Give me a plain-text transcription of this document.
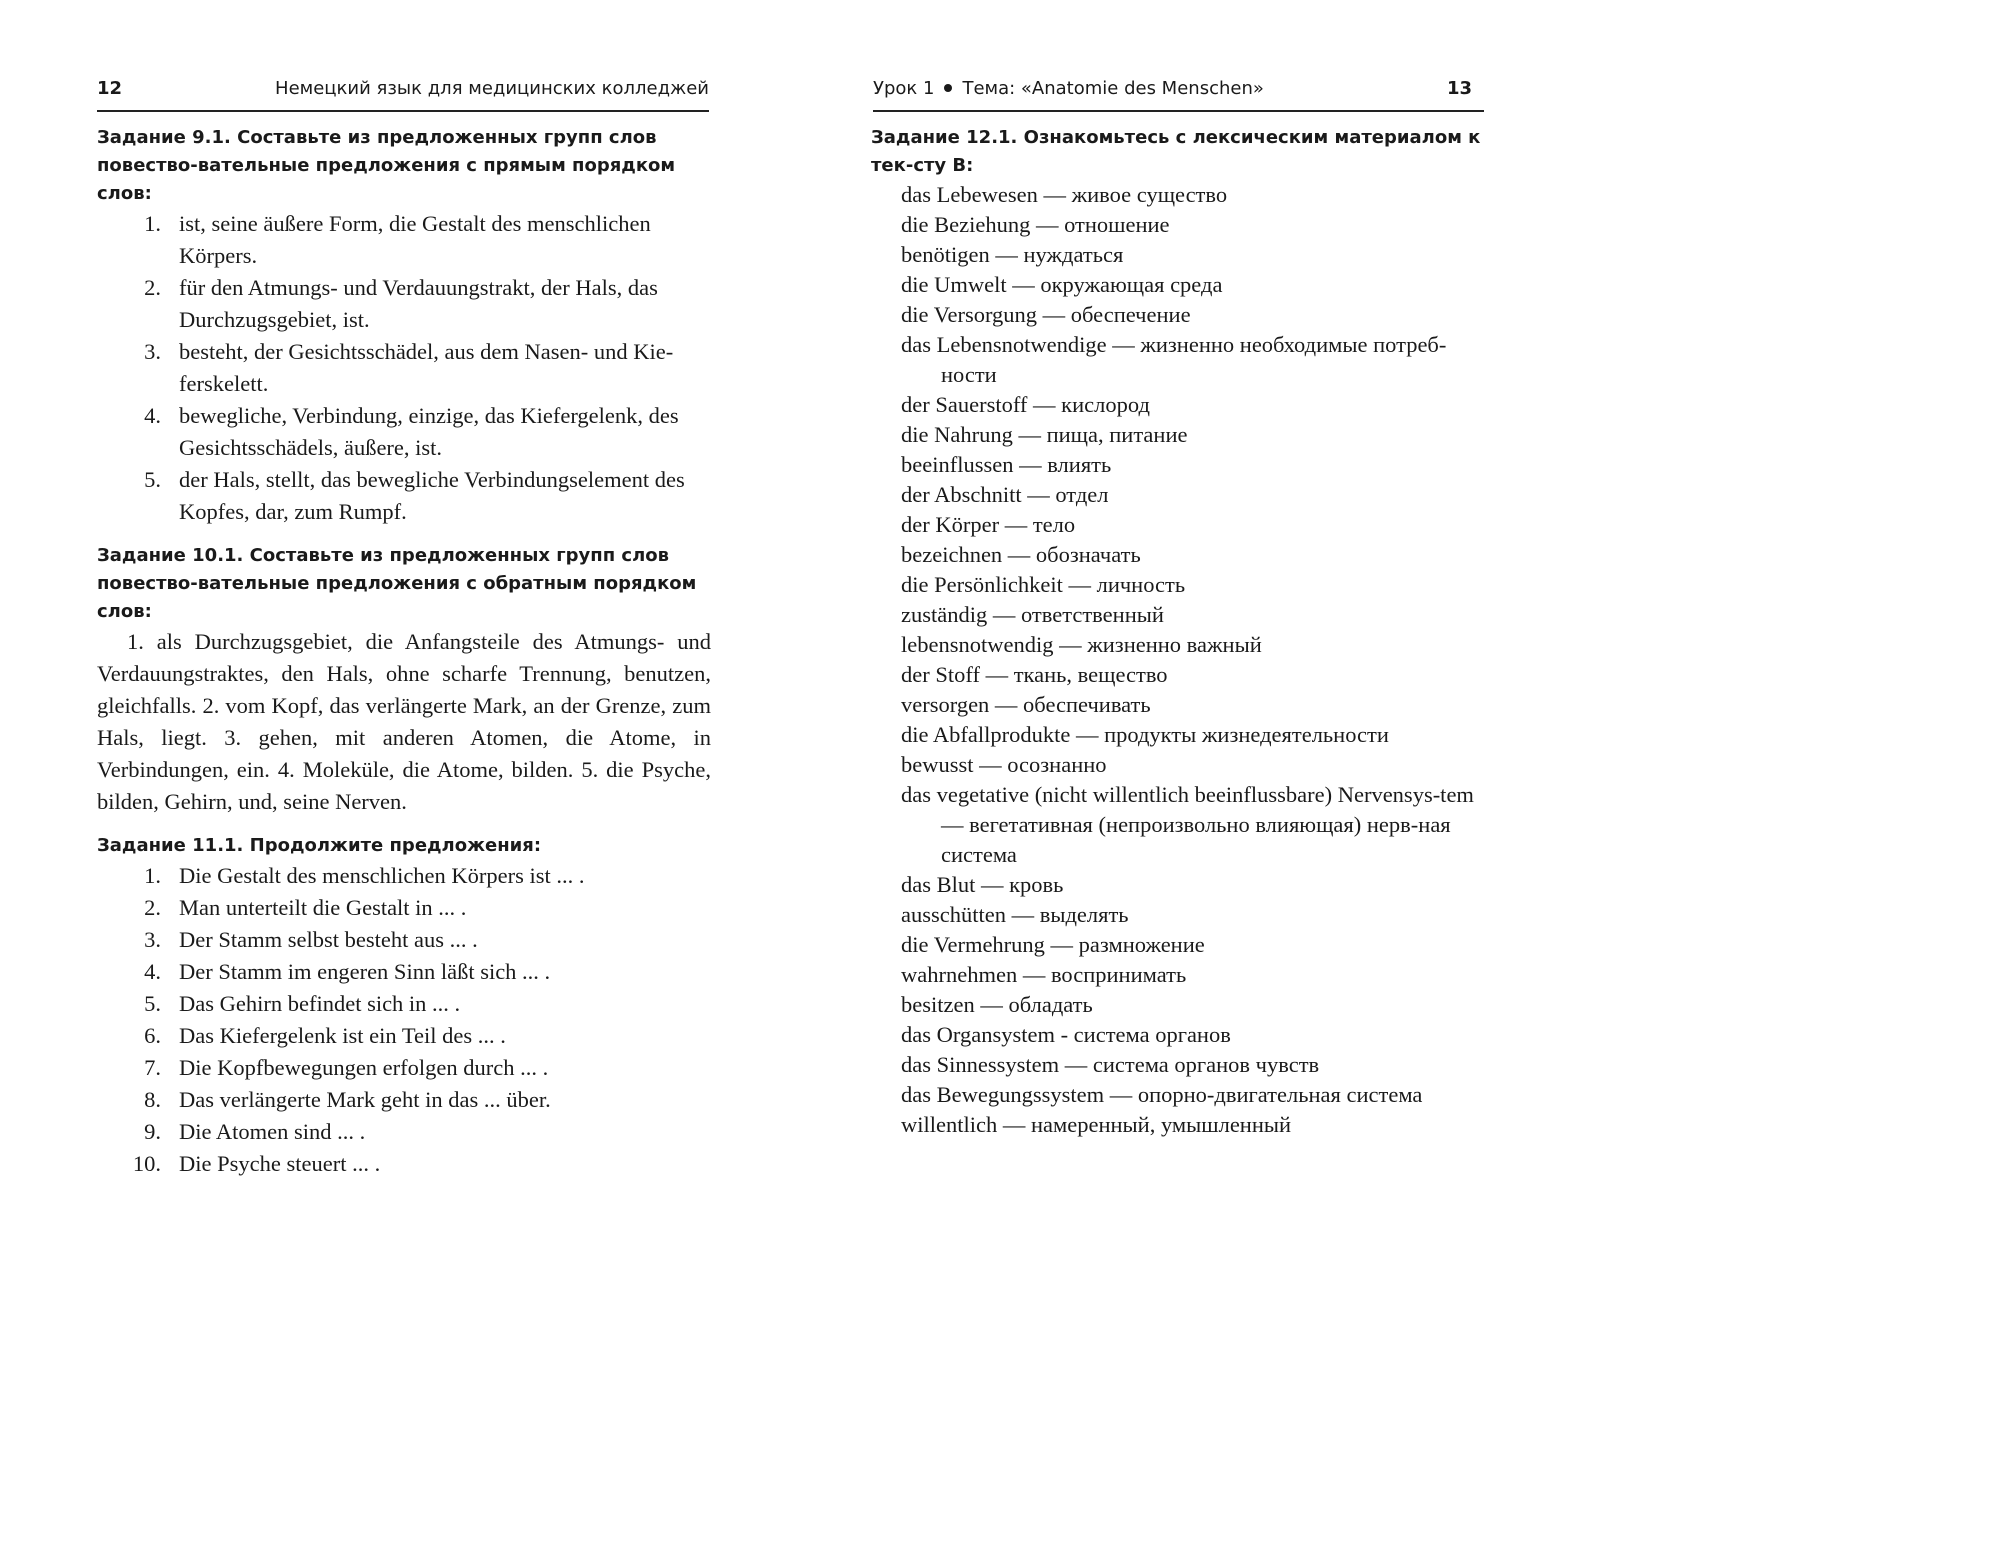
12	Немецкий язык для медицинских колледжей

Задание 9.1. Составьте из предложенных групп слов повество-вательные предложения с прямым порядком слов:

1. ist, seine äußere Form, die Gestalt des menschlichen Körpers.
2. für den Atmungs- und Verdauungstrakt, der Hals, das Durchzugsgebiet, ist.
3. besteht, der Gesichtsschädel, aus dem Nasen- und Kie-ferskelett.
4. bewegliche, Verbindung, einzige, das Kiefergelenk, des Gesichtsschädels, äußere, ist.
5. der Hals, stellt, das bewegliche Verbindungselement des Kopfes, dar, zum Rumpf.

Задание 10.1. Составьте из предложенных групп слов повество-вательные предложения с обратным порядком слов:

1. als Durchzugsgebiet, die Anfangsteile des Atmungs- und Verdauungstraktes, den Hals, ohne scharfe Trennung, benutzen, gleichfalls. 2. vom Kopf, das verlängerte Mark, an der Grenze, zum Hals, liegt. 3. gehen, mit anderen Atomen, die Atome, in Verbindungen, ein. 4. Moleküle, die Atome, bilden. 5. die Psyche, bilden, Gehirn, und, seine Nerven.

Задание 11.1. Продолжите предложения:

1. Die Gestalt des menschlichen Körpers ist ... .
2. Man unterteilt die Gestalt in ... .
3. Der Stamm selbst besteht aus ... .
4. Der Stamm im engeren Sinn läßt sich ... .
5. Das Gehirn befindet sich in ... .
6. Das Kiefergelenk ist ein Teil des ... .
7. Die Kopfbewegungen erfolgen durch ... .
8. Das verlängerte Mark geht in das ... über.
9. Die Atomen sind ... .
10. Die Psyche steuert ... .
Урок 1 Тема: «Anatomie des Menschen»	13

Задание 12.1. Ознакомьтесь с лексическим материалом к тек-сту В:

das Lebewesen — живое существо
die Beziehung — отношение
benötigen — нуждаться
die Umwelt — окружающая среда
die Versorgung — обеспечение
das Lebensnotwendige — жизненно необходимые потреб-ности
der Sauerstoff — кислород
die Nahrung — пища, питание
beeinflussen — влиять
der Abschnitt — отдел
der Körper — тело
bezeichnen — обозначать
die Persönlichkeit — личность
zuständig — ответственный
lebensnotwendig — жизненно важный
der Stoff — ткань, вещество
versorgen — обеспечивать
die Abfallprodukte — продукты жизнедеятельности
bewusst — осознанно
das vegetative (nicht willentlich beeinflussbare) Nervensys-tem — вегетативная (непроизвольно влияющая) нерв-ная система
das Blut — кровь
ausschütten — выделять
die Vermehrung — размножение
wahrnehmen — воспринимать
besitzen — обладать
das Organsystem - система органов
das Sinnessystem — система органов чувств
das Bewegungssystem — опорно-двигательная система
willentlich — намеренный, умышленный
